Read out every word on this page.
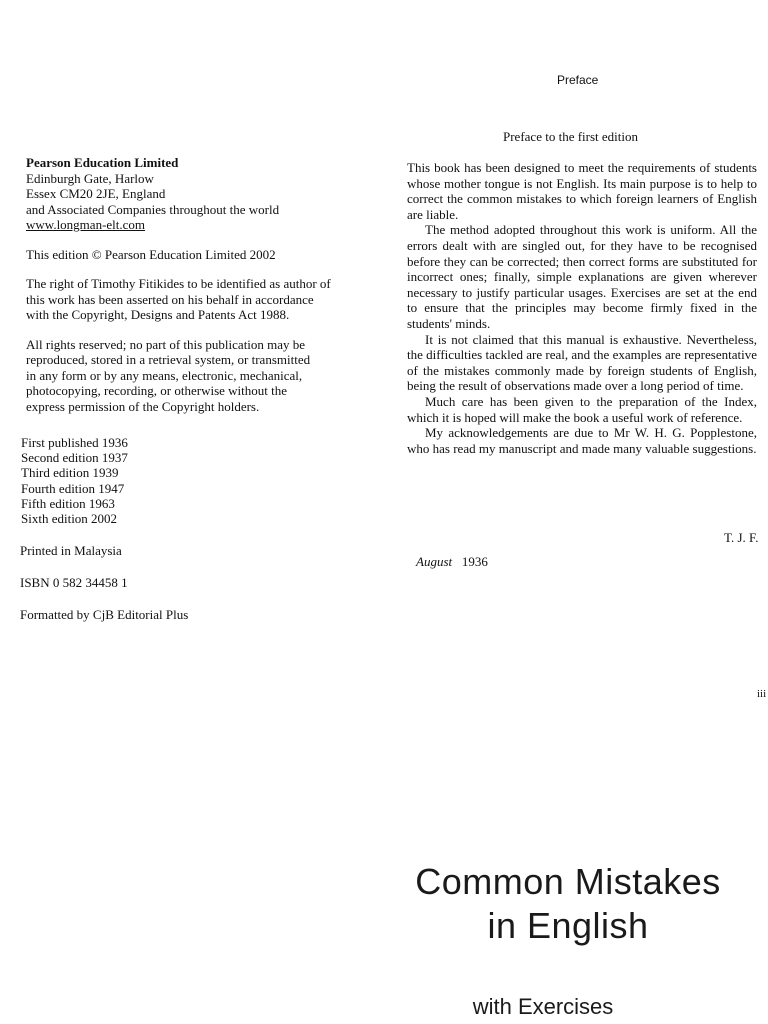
Pearson Education Limited
Edinburgh Gate, Harlow
Essex CM20 2JE, England
and Associated Companies throughout the world
www.longman-elt.com
This edition © Pearson Education Limited 2002
The right of Timothy Fitikides to be identified as author of
this work has been asserted on his behalf in accordance
with the Copyright, Designs and Patents Act 1988.
All rights reserved; no part of this publication may be
reproduced, stored in a retrieval system, or transmitted
in any form or by any means, electronic, mechanical,
photocopying, recording, or otherwise without the
express permission of the Copyright holders.
First published 1936
Second edition 1937
Third edition 1939
Fourth edition 1947
Fifth edition 1963
Sixth edition 2002
Printed in Malaysia
ISBN 0 582 34458 1
Formatted by CjB Editorial Plus
Preface
Preface to the first edition

This book has been designed to meet the requirements of students whose mother tongue is not English. Its main purpose is to help to correct the common mistakes to which foreign learners of English are liable.

The method adopted throughout this work is uniform. All the errors dealt with are singled out, for they have to be recognised before they can be corrected; then correct forms are substituted for incorrect ones; finally, simple explanations are given wherever necessary to justify particular usages. Exercises are set at the end to ensure that the principles may become firmly fixed in the students' minds.

It is not claimed that this manual is exhaustive. Nevertheless, the difficulties tackled are real, and the examples are representative of the mistakes commonly made by foreign students of English, being the result of observations made over a long period of time.

Much care has been given to the preparation of the Index, which it is hoped will make the book a useful work of reference.

My acknowledgements are due to Mr W. H. G. Popplestone, who has read my manuscript and made many valuable suggestions.

T. J. F.
August 1936
iii
Common Mistakes
in English
with Exercises
